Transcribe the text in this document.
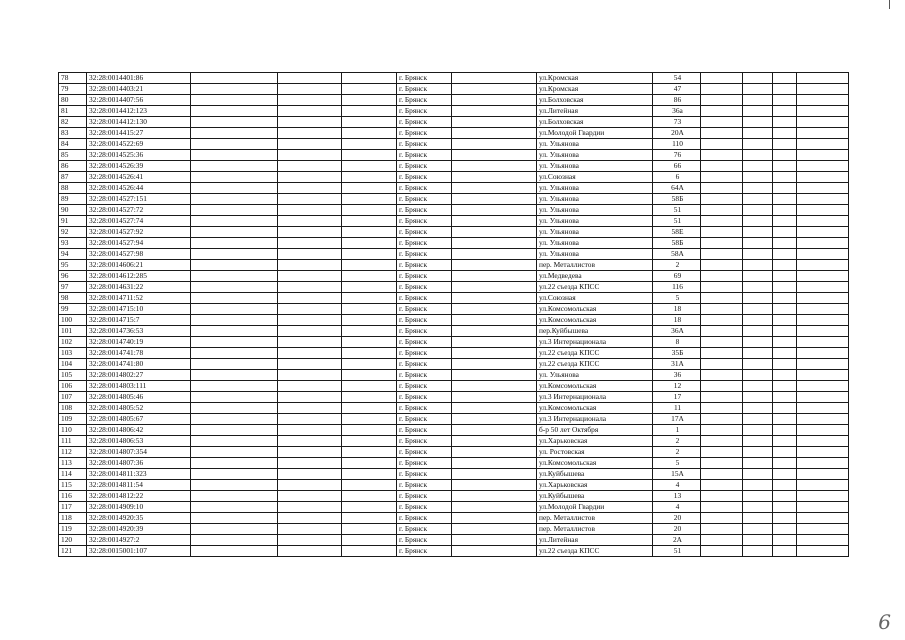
78	32:28:0014401:86				г. Брянск		ул.Кромская	54				
79	32:28:0014403:21				г. Брянск		ул.Кромская	47				
80	32:28:0014407:56				г. Брянск		ул.Болховская	86				
81	32:28:0014412:123				г. Брянск		ул.Литейная	36а				
82	32:28:0014412:130				г. Брянск		ул.Болховская	73				
83	32:28:0014415:27				г. Брянск		ул.Молодой Гвардии	20А				
84	32:28:0014522:69				г. Брянск		ул. Ульянова	110				
85	32:28:0014525:36				г. Брянск		ул. Ульянова	76				
86	32:28:0014526:39				г. Брянск		ул. Ульянова	66				
87	32:28:0014526:41				г. Брянск		ул.Союзная	6				
88	32:28:0014526:44				г. Брянск		ул. Ульянова	64А				
89	32:28:0014527:151				г. Брянск		ул. Ульянова	58Б				
90	32:28:0014527:72				г. Брянск		ул. Ульянова	51				
91	32:28:0014527:74				г. Брянск		ул. Ульянова	51				
92	32:28:0014527:92				г. Брянск		ул. Ульянова	58Е				
93	32:28:0014527:94				г. Брянск		ул. Ульянова	58Б				
94	32:28:0014527:98				г. Брянск		ул. Ульянова	58А				
95	32:28:0014606:21				г. Брянск		пер. Металлистов	2				
96	32:28:0014612:285				г. Брянск		ул.Медведева	69				
97	32:28:0014631:22				г. Брянск		ул.22 съезда КПСС	116				
98	32:28:0014711:52				г. Брянск		ул.Союзная	5				
99	32:28:0014715:10				г. Брянск		ул.Комсомольская	18				
100	32:28:0014715:7				г. Брянск		ул.Комсомольская	18				
101	32:28:0014736:53				г. Брянск		пер.Куйбышева	36А				
102	32:28:0014740:19				г. Брянск		ул.3 Интернационала	8				
103	32:28:0014741:78				г. Брянск		ул.22 съезда КПСС	35Б				
104	32:28:0014741:80				г. Брянск		ул.22 съезда КПСС	31А				
105	32:28:0014802:27				г. Брянск		ул. Ульянова	36				
106	32:28:0014803:111				г. Брянск		ул.Комсомольская	12				
107	32:28:0014805:46				г. Брянск		ул.3 Интернационала	17				
108	32:28:0014805:52				г. Брянск		ул.Комсомольская	11				
109	32:28:0014805:67				г. Брянск		ул.3 Интернационала	17А				
110	32:28:0014806:42				г. Брянск		б-р 50 лет Октября	1				
111	32:28:0014806:53				г. Брянск		ул.Харьковская	2				
112	32:28:0014807:354				г. Брянск		ул. Ростовская	2				
113	32:28:0014807:36				г. Брянск		ул.Комсомольская	5				
114	32:28:0014811:323				г. Брянск		ул.Куйбышева	15А				
115	32:28:0014811:54				г. Брянск		ул.Харьковская	4				
116	32:28:0014812:22				г. Брянск		ул.Куйбышева	13				
117	32:28:0014909:10				г. Брянск		ул.Молодой Гвардии	4				
118	32:28:0014920:35				г. Брянск		пер. Металлистов	20				
119	32:28:0014920:39				г. Брянск		пер. Металлистов	20				
120	32:28:0014927:2				г. Брянск		ул.Литейная	2А				
121	32:28:0015001:107				г. Брянск		ул.22 съезда КПСС	51				
6
